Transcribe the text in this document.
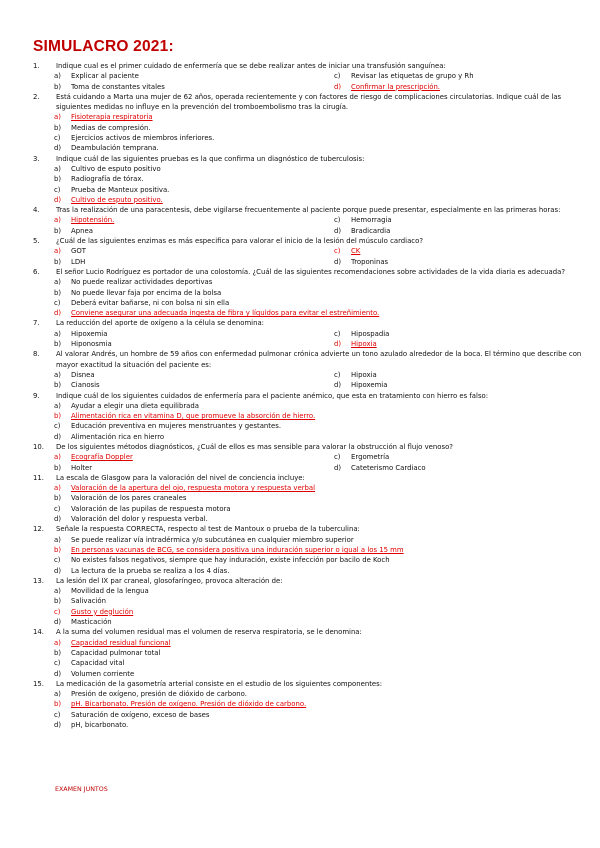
SIMULACRO 2021:
1.	Indique cual es el primer cuidado de enfermería que se debe realizar antes de iniciar una transfusión sanguínea:
a)	Explicar al paciente	c)	Revisar las etiquetas de grupo y Rh
b)	Toma de constantes vitales	d)	Confirmar la prescripción.
2.	Está cuidando a Marta una mujer de 62 años, operada recientemente y con factores de riesgo de complicaciones circulatorias. Indique cuál de las siguientes medidas no influye en la prevención del tromboembolismo tras la cirugía.
a)	Fisioterapia respiratoria
b)	Medias de compresión.
c)	Ejercicios activos de miembros inferiores.
d)	Deambulación temprana.
3.	Indique cuál de las siguientes pruebas es la que confirma un diagnóstico de tuberculosis:
a)	Cultivo de esputo positivo
b)	Radiografía de tórax.
c)	Prueba de Manteux positiva.
d)	Cultivo de esputo positivo.
4.	Tras la realización de una paracentesis, debe vigilarse frecuentemente al paciente porque puede presentar, especialmente en las primeras horas:
a)	Hipotensión.	c)	Hemorragia
b)	Apnea	d)	Bradicardia
5.	¿Cuál de las siguientes enzimas es más especifica para valorar el inicio de la lesión del músculo cardiaco?
a)	GOT	c)	CK
b)	LDH	d)	Troponinas
6.	El señor Lucio Rodríguez es portador de una colostomía. ¿Cuál de las siguientes recomendaciones sobre actividades de la vida diaria es adecuada?
a)	No puede realizar actividades deportivas
b)	No puede llevar faja por encima de la bolsa
c)	Deberá evitar bañarse, ni con bolsa ni sin ella
d)	Conviene asegurar una adecuada ingesta de fibra y líquidos para evitar el estreñimiento.
7.	La reducción del aporte de oxígeno a la célula se denomina:
a)	Hipoxemia	c)	Hipospadia
b)	Hiponosmia	d)	Hipoxia
8.	Al valorar Andrés, un hombre de 59 años con enfermedad pulmonar crónica advierte un tono azulado alrededor de la boca. El término que describe con mayor exactitud la situación del paciente es:
a)	Disnea	c)	Hipoxia
b)	Cianosis	d)	Hipoxemia
9.	Indique cuál de los siguientes cuidados de enfermería para el paciente anémico, que esta en tratamiento con hierro es falso:
a)	Ayudar a elegir una dieta equilibrada
b)	Alimentación rica en vitamina D, que promueve la absorción de hierro.
c)	Educación preventiva en mujeres menstruantes y gestantes.
d)	Alimentación rica en hierro
10.	De los siguientes métodos diagnósticos, ¿Cuál de ellos es mas sensible para valorar la obstrucción al flujo venoso?
a)	Ecografía Doppler	c)	Ergometría
b)	Holter	d)	Cateterismo Cardiaco
11.	La escala de Glasgow para la valoración del nivel de conciencia incluye:
a)	Valoración de la apertura del ojo, respuesta motora y respuesta verbal
b)	Valoración de los pares craneales
c)	Valoración de las pupilas de respuesta motora
d)	Valoración del dolor y respuesta verbal.
12.	Señale la respuesta CORRECTA, respecto al test de Mantoux o prueba de la tuberculina:
a)	Se puede realizar vía intradérmica y/o subcutánea en cualquier miembro superior
b)	En personas vacunas de BCG, se considera positiva una induración superior o igual a los 15 mm
c)	No existes falsos negativos, siempre que hay induración, existe infección por bacilo de Koch
d)	La lectura de la prueba se realiza a los 4 días.
13.	La lesión del IX par craneal, glosofaríngeo, provoca alteración de:
a)	Movilidad de la lengua
b)	Salivación
c)	Gusto y deglución
d)	Masticación
14.	A la suma del volumen residual mas el volumen de reserva respiratoria, se le denomina:
a)	Capacidad residual funcional
b)	Capacidad pulmonar total
c)	Capacidad vital
d)	Volumen corriente
15.	La medicación de la gasometría arterial consiste en el estudio de los siguientes componentes:
a)	Presión de oxígeno, presión de dióxido de carbono.
b)	pH. Bicarbonato. Presión de oxígeno. Presión de dióxido de carbono.
c)	Saturación de oxígeno, exceso de bases
d)	pH, bicarbonato.
EXAMEN JUNTOS
